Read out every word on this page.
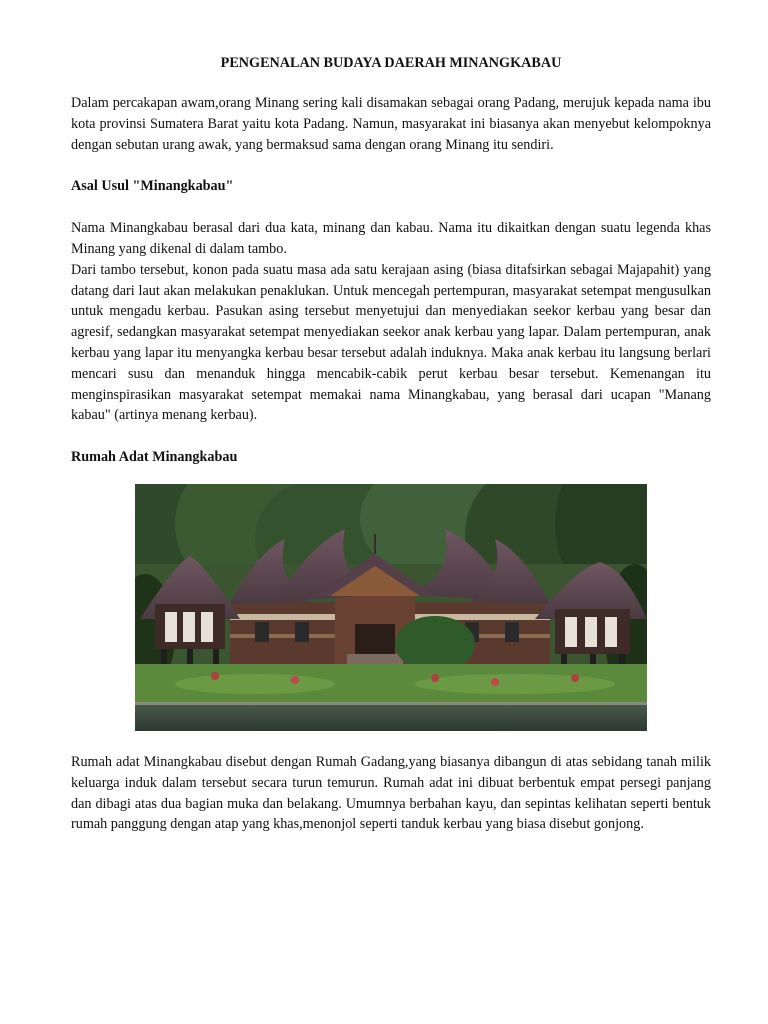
PENGENALAN BUDAYA DAERAH MINANGKABAU

Dalam percakapan awam,orang Minang sering kali disamakan sebagai orang Padang, merujuk kepada nama ibu kota provinsi Sumatera Barat yaitu kota Padang. Namun, masyarakat ini biasanya akan menyebut kelompoknya dengan sebutan urang awak, yang bermaksud sama dengan orang Minang itu sendiri.

Asal Usul "Minangkabau"

Nama Minangkabau berasal dari dua kata, minang dan kabau. Nama itu dikaitkan dengan suatu legenda khas Minang yang dikenal di dalam tambo.

Dari tambo tersebut, konon pada suatu masa ada satu kerajaan asing (biasa ditafsirkan sebagai Majapahit) yang datang dari laut akan melakukan penaklukan. Untuk mencegah pertempuran, masyarakat setempat mengusulkan untuk mengadu kerbau. Pasukan asing tersebut menyetujui dan menyediakan seekor kerbau yang besar dan agresif, sedangkan masyarakat setempat menyediakan seekor anak kerbau yang lapar. Dalam pertempuran, anak kerbau yang lapar itu menyangka kerbau besar tersebut adalah induknya. Maka anak kerbau itu langsung berlari mencari susu dan menanduk hingga mencabik-cabik perut kerbau besar tersebut. Kemenangan itu menginspirasikan masyarakat setempat memakai nama Minangkabau, yang berasal dari ucapan "Manang kabau" (artinya menang kerbau).

Rumah Adat Minangkabau

Rumah adat Minangkabau disebut dengan Rumah Gadang,yang biasanya dibangun di atas sebidang tanah milik keluarga induk dalam tersebut secara turun temurun. Rumah adat ini dibuat berbentuk empat persegi panjang dan dibagi atas dua bagian muka dan belakang. Umumnya berbahan kayu, dan sepintas kelihatan seperti bentuk rumah panggung dengan atap yang khas,menonjol seperti tanduk kerbau yang biasa disebut gonjong.
